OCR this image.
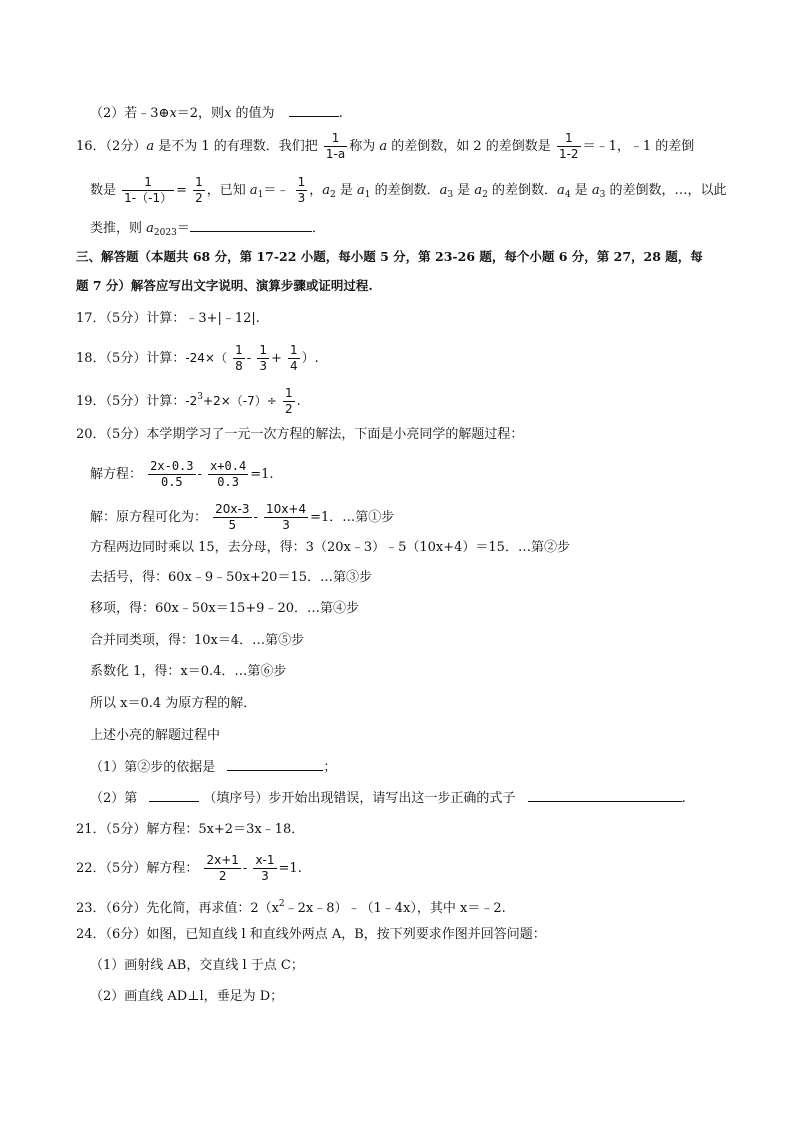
（2）若﹣3⊕x＝2，则x 的值为	.
16．（2分）a 是不为 1 的有理数．我们把 $\frac{1}{1-a}$ 称为 a 的差倒数，如 2 的差倒数是 $\frac{1}{1-2}$ ＝﹣1，﹣1 的差倒
数是 $\frac{1}{1-(-1)} = \frac{1}{2}$ ，已知 $a_1=﹣ \frac{1}{3}$ ，$a_2$ 是 $a_1$ 的差倒数．$a_3$ 是 $a_2$ 的差倒数．$a_4$ 是 $a_3$ 的差倒数，…，以此
类推，则 $a_{2023}=$	．
三、解答题（本题共 68 分，第 17-22 小题，每小题 5 分，第 23-26 题，每个小题 6 分，第 27，28 题，每
题 7 分）解答应写出文字说明、演算步骤或证明过程.
17．（5分）计算：﹣3+|﹣12|.
18．（5分）计算：$-24\times( \frac{1}{8} - \frac{1}{3} + \frac{1}{4}$ ）.
19．（5分）计算：$-2^3+2\times(-7)\div \frac{1}{2}$ .
20．（5分）本学期学习了一元一次方程的解法，下面是小亮同学的解题过程：
解方程： $\frac{2x-0.3}{0.5} - \frac{x+0.4}{0.3} =1$.
解：原方程可化为： $\frac{20x-3}{5} - \frac{10x+4}{3} =1$．…第①步
方程两边同时乘以 15，去分母，得：3（20x﹣3）﹣5（10x+4）＝15．…第②步
去括号，得：60x﹣9﹣50x+20＝15．…第③步
移项，得：60x﹣50x＝15+9﹣20．…第④步
合并同类项，得：10x＝4．…第⑤步
系数化 1，得：x＝0.4．…第⑥步
所以 x＝0.4 为原方程的解．
上述小亮的解题过程中
（1）第②步的依据是	；
（2）第	（填序号）步开始出现错误，请写出这一步正确的式子	.
21．（5分）解方程：5x+2＝3x﹣18．
22．（5分）解方程： $\frac{2x+1}{2} - \frac{x-1}{3} =1$.
23．（6分）先化简，再求值：$2(x^2﹣2x﹣8)﹣(1﹣4x)$，其中 x＝﹣2.
24．（6分）如图，已知直线 l 和直线外两点 A，B，按下列要求作图并回答问题：
（1）画射线 AB，交直线 l 于点 C；
（2）画直线 AD⊥l，垂足为 D；
